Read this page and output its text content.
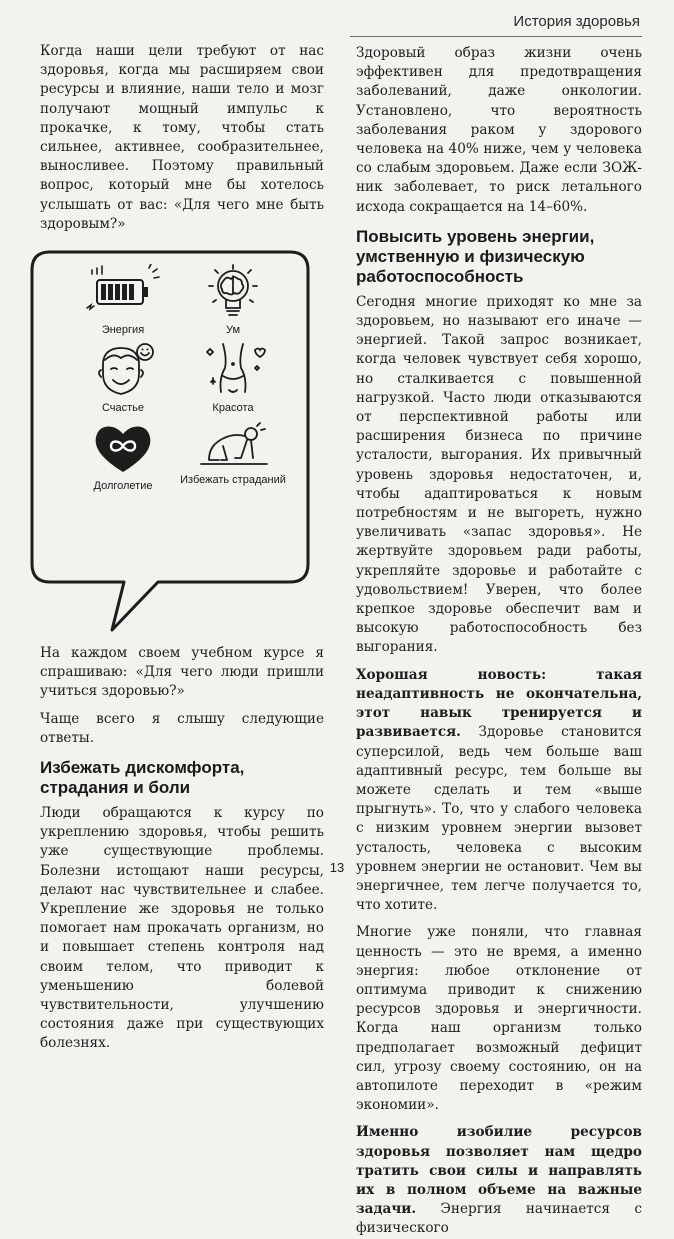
История здоровья

Когда наши цели требуют от нас здоровья, когда мы расширяем свои ресурсы и влияние, наши тело и мозг получают мощный импульс к прокачке, к тому, чтобы стать сильнее, активнее, сообразительнее, выносливее. Поэтому правильный вопрос, который мне бы хотелось услышать от вас: «Для чего мне быть здоровым?»

Энергия	Ум
Счастье	Красота
Долголетие	Избежать страданий

На каждом своем учебном курсе я спрашиваю: «Для чего люди пришли учиться здоровью?»

Чаще всего я слышу следующие ответы.

Избежать дискомфорта, страдания и боли

Люди обращаются к курсу по укреплению здоровья, чтобы решить уже существующие проблемы. Болезни истощают наши ресурсы, делают нас чувствительнее и слабее. Укрепление же здоровья не только помогает нам прокачать организм, но и повышает степень контроля над своим телом, что приводит к уменьшению болевой чувствительности, улучшению состояния даже при существующих болезнях.

Здоровый образ жизни очень эффективен для предотвращения заболеваний, даже онкологии. Установлено, что вероятность заболевания раком у здорового человека на 40% ниже, чем у человека со слабым здоровьем. Даже если ЗОЖ-ник заболевает, то риск летального исхода сокращается на 14–60%.

Повысить уровень энергии, умственную и физическую работоспособность

Сегодня многие приходят ко мне за здоровьем, но называют его иначе — энергией. Такой запрос возникает, когда человек чувствует себя хорошо, но сталкивается с повышенной нагрузкой. Часто люди отказываются от перспективной работы или расширения бизнеса по причине усталости, выгорания. Их привычный уровень здоровья недостаточен, и, чтобы адаптироваться к новым потребностям и не выгореть, нужно увеличивать «запас здоровья». Не жертвуйте здоровьем ради работы, укрепляйте здоровье и работайте с удовольствием! Уверен, что более крепкое здоровье обеспечит вам и высокую работоспособность без выгорания.

Хорошая новость: такая неадаптивность не окончательна, этот навык тренируется и развивается. Здоровье становится суперсилой, ведь чем больше ваш адаптивный ресурс, тем больше вы можете сделать и тем «выше прыгнуть». То, что у слабого человека с низким уровнем энергии вызовет усталость, человека с высоким уровнем энергии не остановит. Чем вы энергичнее, тем легче получается то, что хотите.

Многие уже поняли, что главная ценность — это не время, а именно энергия: любое отклонение от оптимума приводит к снижению ресурсов здоровья и энергичности. Когда наш организм только предполагает возможный дефицит сил, угрозу своему состоянию, он на автопилоте переходит в «режим экономии».

Именно изобилие ресурсов здоровья позволяет нам щедро тратить свои силы и направлять их в полном объеме на важные задачи. Энергия начинается с физического

13
